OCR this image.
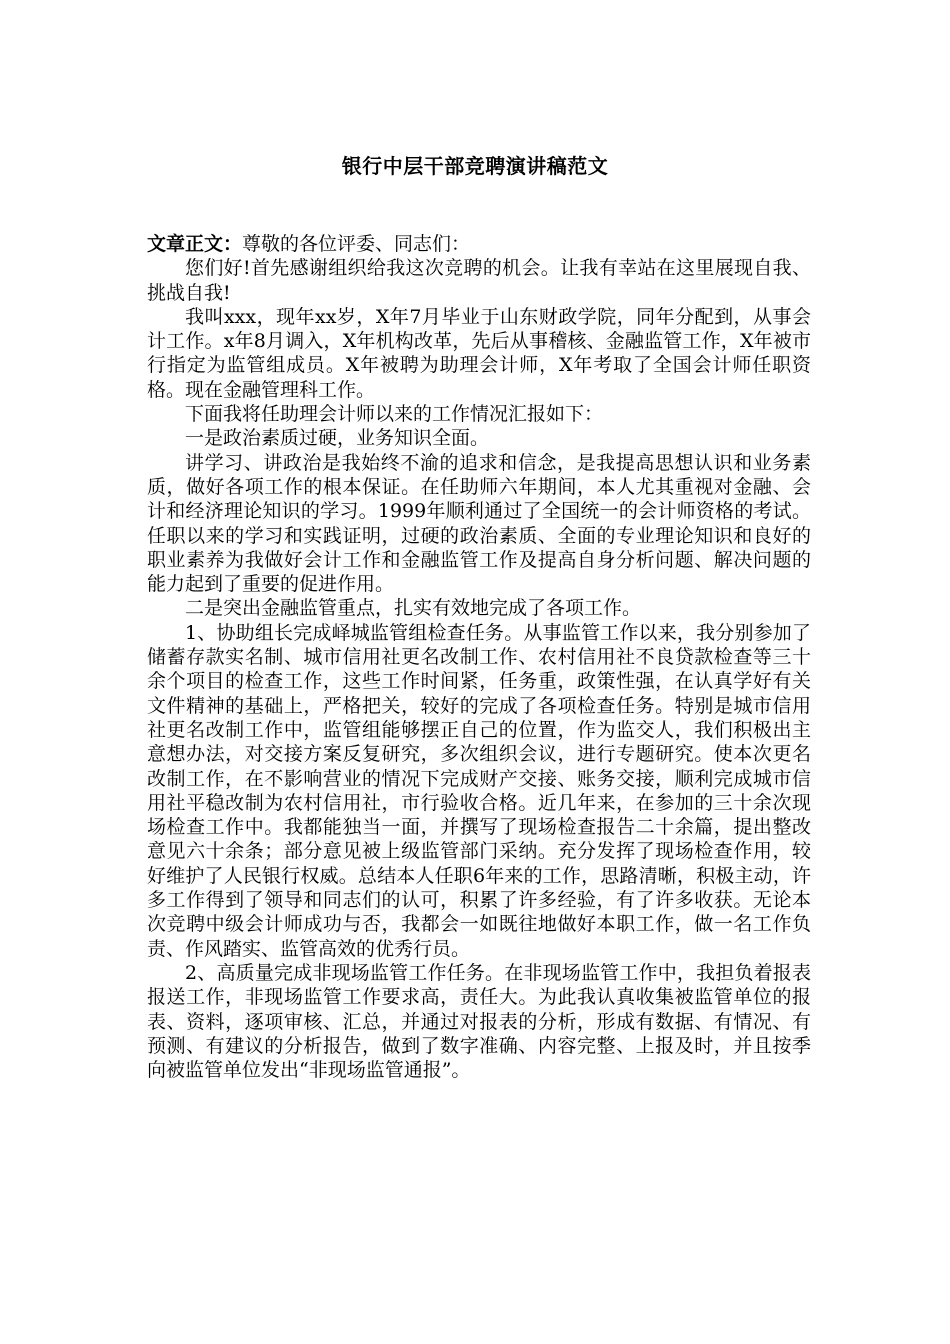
银行中层干部竞聘演讲稿范文

文章正文：尊敬的各位评委、同志们：

您们好!首先感谢组织给我这次竞聘的机会。让我有幸站在这里展现自我、挑战自我!

我叫xxx，现年xx岁，X年7月毕业于山东财政学院，同年分配到，从事会计工作。x年8月调入，X年机构改革，先后从事稽核、金融监管工作，X年被市行指定为监管组成员。X年被聘为助理会计师，X年考取了全国会计师任职资格。现在金融管理科工作。

下面我将任助理会计师以来的工作情况汇报如下：

一是政治素质过硬，业务知识全面。

讲学习、讲政治是我始终不渝的追求和信念，是我提高思想认识和业务素质，做好各项工作的根本保证。在任助师六年期间，本人尤其重视对金融、会计和经济理论知识的学习。1999年顺利通过了全国统一的会计师资格的考试。任职以来的学习和实践证明，过硬的政治素质、全面的专业理论知识和良好的职业素养为我做好会计工作和金融监管工作及提高自身分析问题、解决问题的能力起到了重要的促进作用。

二是突出金融监管重点，扎实有效地完成了各项工作。

1、协助组长完成峄城监管组检查任务。从事监管工作以来，我分别参加了储蓄存款实名制、城市信用社更名改制工作、农村信用社不良贷款检查等三十余个项目的检查工作，这些工作时间紧，任务重，政策性强，在认真学好有关文件精神的基础上，严格把关，较好的完成了各项检查任务。特别是城市信用社更名改制工作中，监管组能够摆正自己的位置，作为监交人，我们积极出主意想办法，对交接方案反复研究，多次组织会议，进行专题研究。使本次更名改制工作，在不影响营业的情况下完成财产交接、账务交接，顺利完成城市信用社平稳改制为农村信用社，市行验收合格。近几年来，在参加的三十余次现场检查工作中。我都能独当一面，并撰写了现场检查报告二十余篇，提出整改意见六十余条；部分意见被上级监管部门采纳。充分发挥了现场检查作用，较好维护了人民银行权威。总结本人任职6年来的工作，思路清晰，积极主动，许多工作得到了领导和同志们的认可，积累了许多经验，有了许多收获。无论本次竞聘中级会计师成功与否，我都会一如既往地做好本职工作，做一名工作负责、作风踏实、监管高效的优秀行员。

2、高质量完成非现场监管工作任务。在非现场监管工作中，我担负着报表报送工作，非现场监管工作要求高，责任大。为此我认真收集被监管单位的报表、资料，逐项审核、汇总，并通过对报表的分析，形成有数据、有情况、有预测、有建议的分析报告，做到了数字准确、内容完整、上报及时，并且按季向被监管单位发出“非现场监管通报”。
